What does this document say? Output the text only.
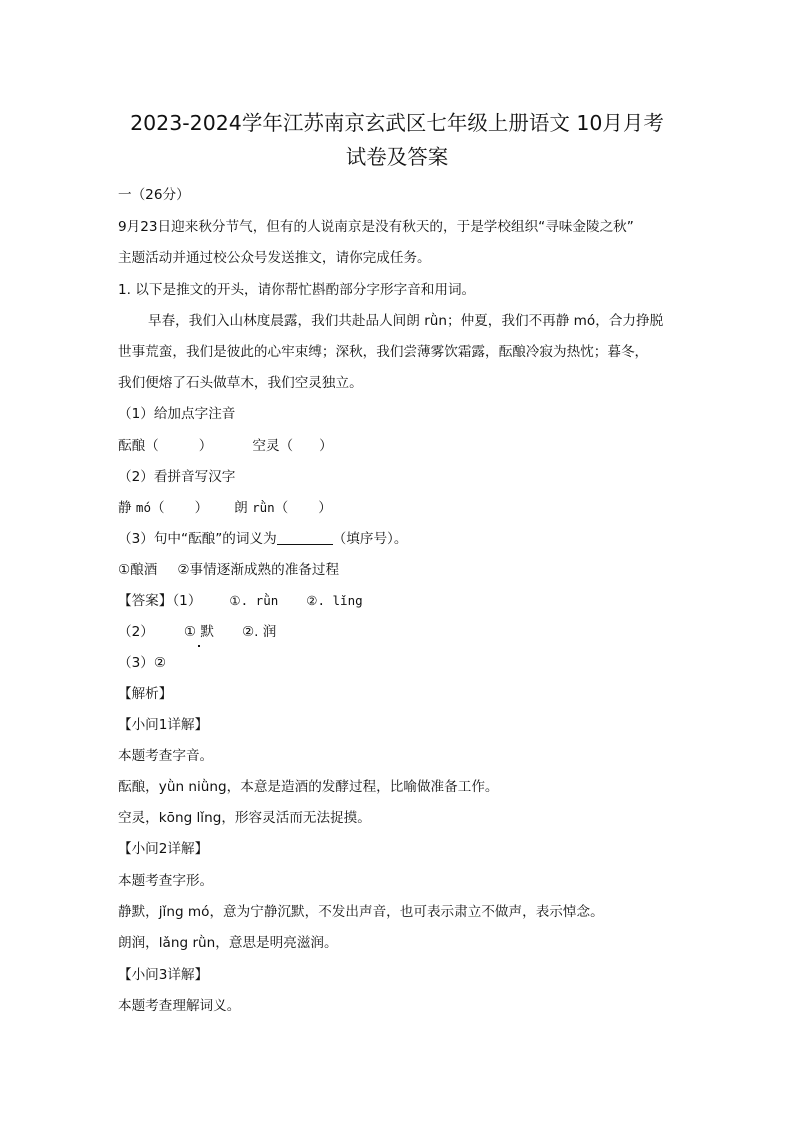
2023-2024学年江苏南京玄武区七年级上册语文 10月月考
试卷及答案
一（26分）
9月23日迎来秋分节气，但有的人说南京是没有秋天的，于是学校组织“寻味金陵之秋”
主题活动并通过校公众号发送推文，请你完成任务。
1. 以下是推文的开头，请你帮忙斟酌部分字形字音和用词。
早春，我们入山林度晨露，我们共赴品人间朗 rǜn；仲夏，我们不再静 mó，合力挣脱
世事荒蛮，我们是彼此的心牢束缚；深秋，我们尝薄雾饮霜露，酝酿冷寂为热忱；暮冬，
我们便熔了石头做草木，我们空灵独立。
（1）给加点字注音
酝酿（	）	空灵（ ）
（2）看拼音写汉字
静 mó（ ） 朗 rǜn（ ）
（3）句中“酝酿”的词义为	（填序号）。
①酿酒 ②事情逐渐成熟的准备过程
【答案】（1） ①. rǜn ②. lǐng
（2） ① 默 ②. 润
（3）②
【解析】
【小问1详解】
本题考查字音。
酝酿，yǜn niǜng，本意是造酒的发酵过程，比喻做准备工作。
空灵，kōng lǐng，形容灵活而无法捉摸。
【小问2详解】
本题考查字形。
静默，jǐng mó，意为宁静沉默，不发出声音，也可表示肃立不做声，表示悼念。
朗润，lǎng rǜn，意思是明亮滋润。
【小问3详解】
本题考查理解词义。
